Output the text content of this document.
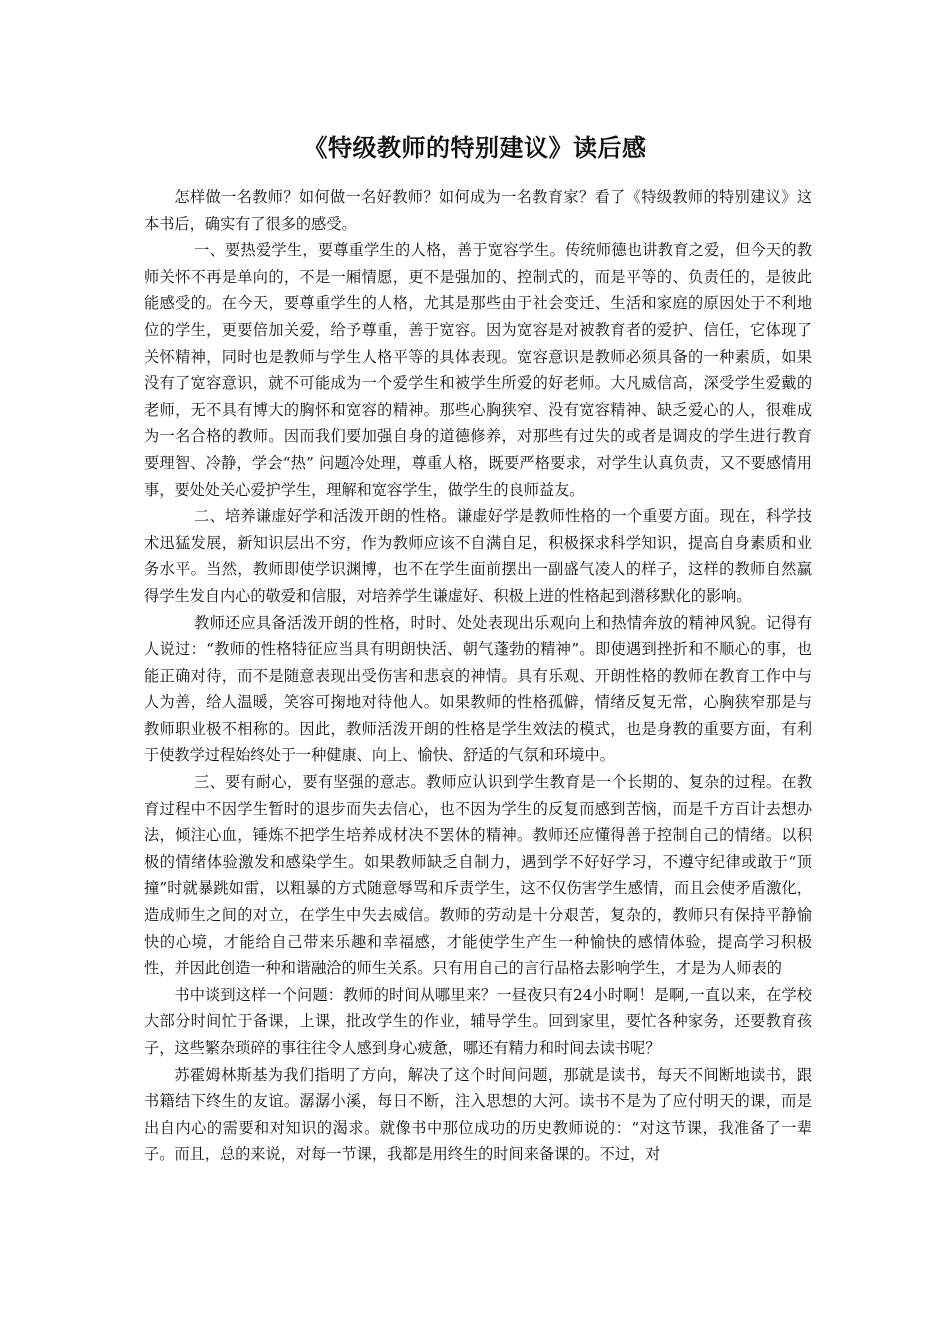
《特级教师的特别建议》读后感

怎样做一名教师？如何做一名好教师？如何成为一名教育家？看了《特级教师的特别建议》这本书后，确实有了很多的感受。

一、要热爱学生，要尊重学生的人格，善于宽容学生。传统师德也讲教育之爱，但今天的教师关怀不再是单向的，不是一厢情愿，更不是强加的、控制式的，而是平等的、负责任的，是彼此能感受的。在今天，要尊重学生的人格，尤其是那些由于社会变迁、生活和家庭的原因处于不利地位的学生，更要倍加关爱，给予尊重，善于宽容。因为宽容是对被教育者的爱护、信任，它体现了关怀精神，同时也是教师与学生人格平等的具体表现。宽容意识是教师必须具备的一种素质，如果没有了宽容意识，就不可能成为一个爱学生和被学生所爱的好老师。大凡威信高，深受学生爱戴的老师，无不具有博大的胸怀和宽容的精神。那些心胸狭窄、没有宽容精神、缺乏爱心的人，很难成为一名合格的教师。因而我们要加强自身的道德修养，对那些有过失的或者是调皮的学生进行教育要理智、冷静，学会“热” 问题冷处理，尊重人格，既要严格要求，对学生认真负责，又不要感情用事，要处处关心爱护学生，理解和宽容学生，做学生的良师益友。

二、培养谦虚好学和活泼开朗的性格。谦虚好学是教师性格的一个重要方面。现在，科学技术迅猛发展，新知识层出不穷，作为教师应该不自满自足，积极探求科学知识，提高自身素质和业务水平。当然，教师即使学识渊博，也不在学生面前摆出一副盛气凌人的样子，这样的教师自然赢得学生发自内心的敬爱和信服，对培养学生谦虚好、积极上进的性格起到潜移默化的影响。

教师还应具备活泼开朗的性格，时时、处处表现出乐观向上和热情奔放的精神风貌。记得有人说过：“教师的性格特征应当具有明朗快活、朝气蓬勃的精神”。即使遇到挫折和不顺心的事，也能正确对待，而不是随意表现出受伤害和悲哀的神情。具有乐观、开朗性格的教师在教育工作中与人为善，给人温暖，笑容可掬地对待他人。如果教师的性格孤僻，情绪反复无常，心胸狭窄那是与教师职业极不相称的。因此，教师活泼开朗的性格是学生效法的模式，也是身教的重要方面，有利于使教学过程始终处于一种健康、向上、愉快、舒适的气氛和环境中。

三、要有耐心，要有坚强的意志。教师应认识到学生教育是一个长期的、复杂的过程。在教育过程中不因学生暂时的退步而失去信心，也不因为学生的反复而感到苦恼，而是千方百计去想办法，倾注心血，锤炼不把学生培养成材决不罢休的精神。教师还应懂得善于控制自己的情绪。以积极的情绪体验激发和感染学生。如果教师缺乏自制力，遇到学不好好学习，不遵守纪律或敢于“顶撞”时就暴跳如雷，以粗暴的方式随意辱骂和斥责学生，这不仅伤害学生感情，而且会使矛盾激化，造成师生之间的对立，在学生中失去威信。教师的劳动是十分艰苦，复杂的，教师只有保持平静愉快的心境，才能给自己带来乐趣和幸福感，才能使学生产生一种愉快的感情体验，提高学习积极性，并因此创造一种和谐融洽的师生关系。只有用自己的言行品格去影响学生，才是为人师表的

书中谈到这样一个问题：教师的时间从哪里来？一昼夜只有24小时啊！是啊,一直以来，在学校大部分时间忙于备课，上课，批改学生的作业，辅导学生。回到家里，要忙各种家务，还要教育孩子，这些繁杂琐碎的事往往令人感到身心疲惫，哪还有精力和时间去读书呢？

苏霍姆林斯基为我们指明了方向，解决了这个时间问题，那就是读书，每天不间断地读书，跟书籍结下终生的友谊。潺潺小溪，每日不断，注入思想的大河。读书不是为了应付明天的课，而是出自内心的需要和对知识的渴求。就像书中那位成功的历史教师说的：“对这节课，我准备了一辈子。而且，总的来说，对每一节课，我都是用终生的时间来备课的。不过，对
